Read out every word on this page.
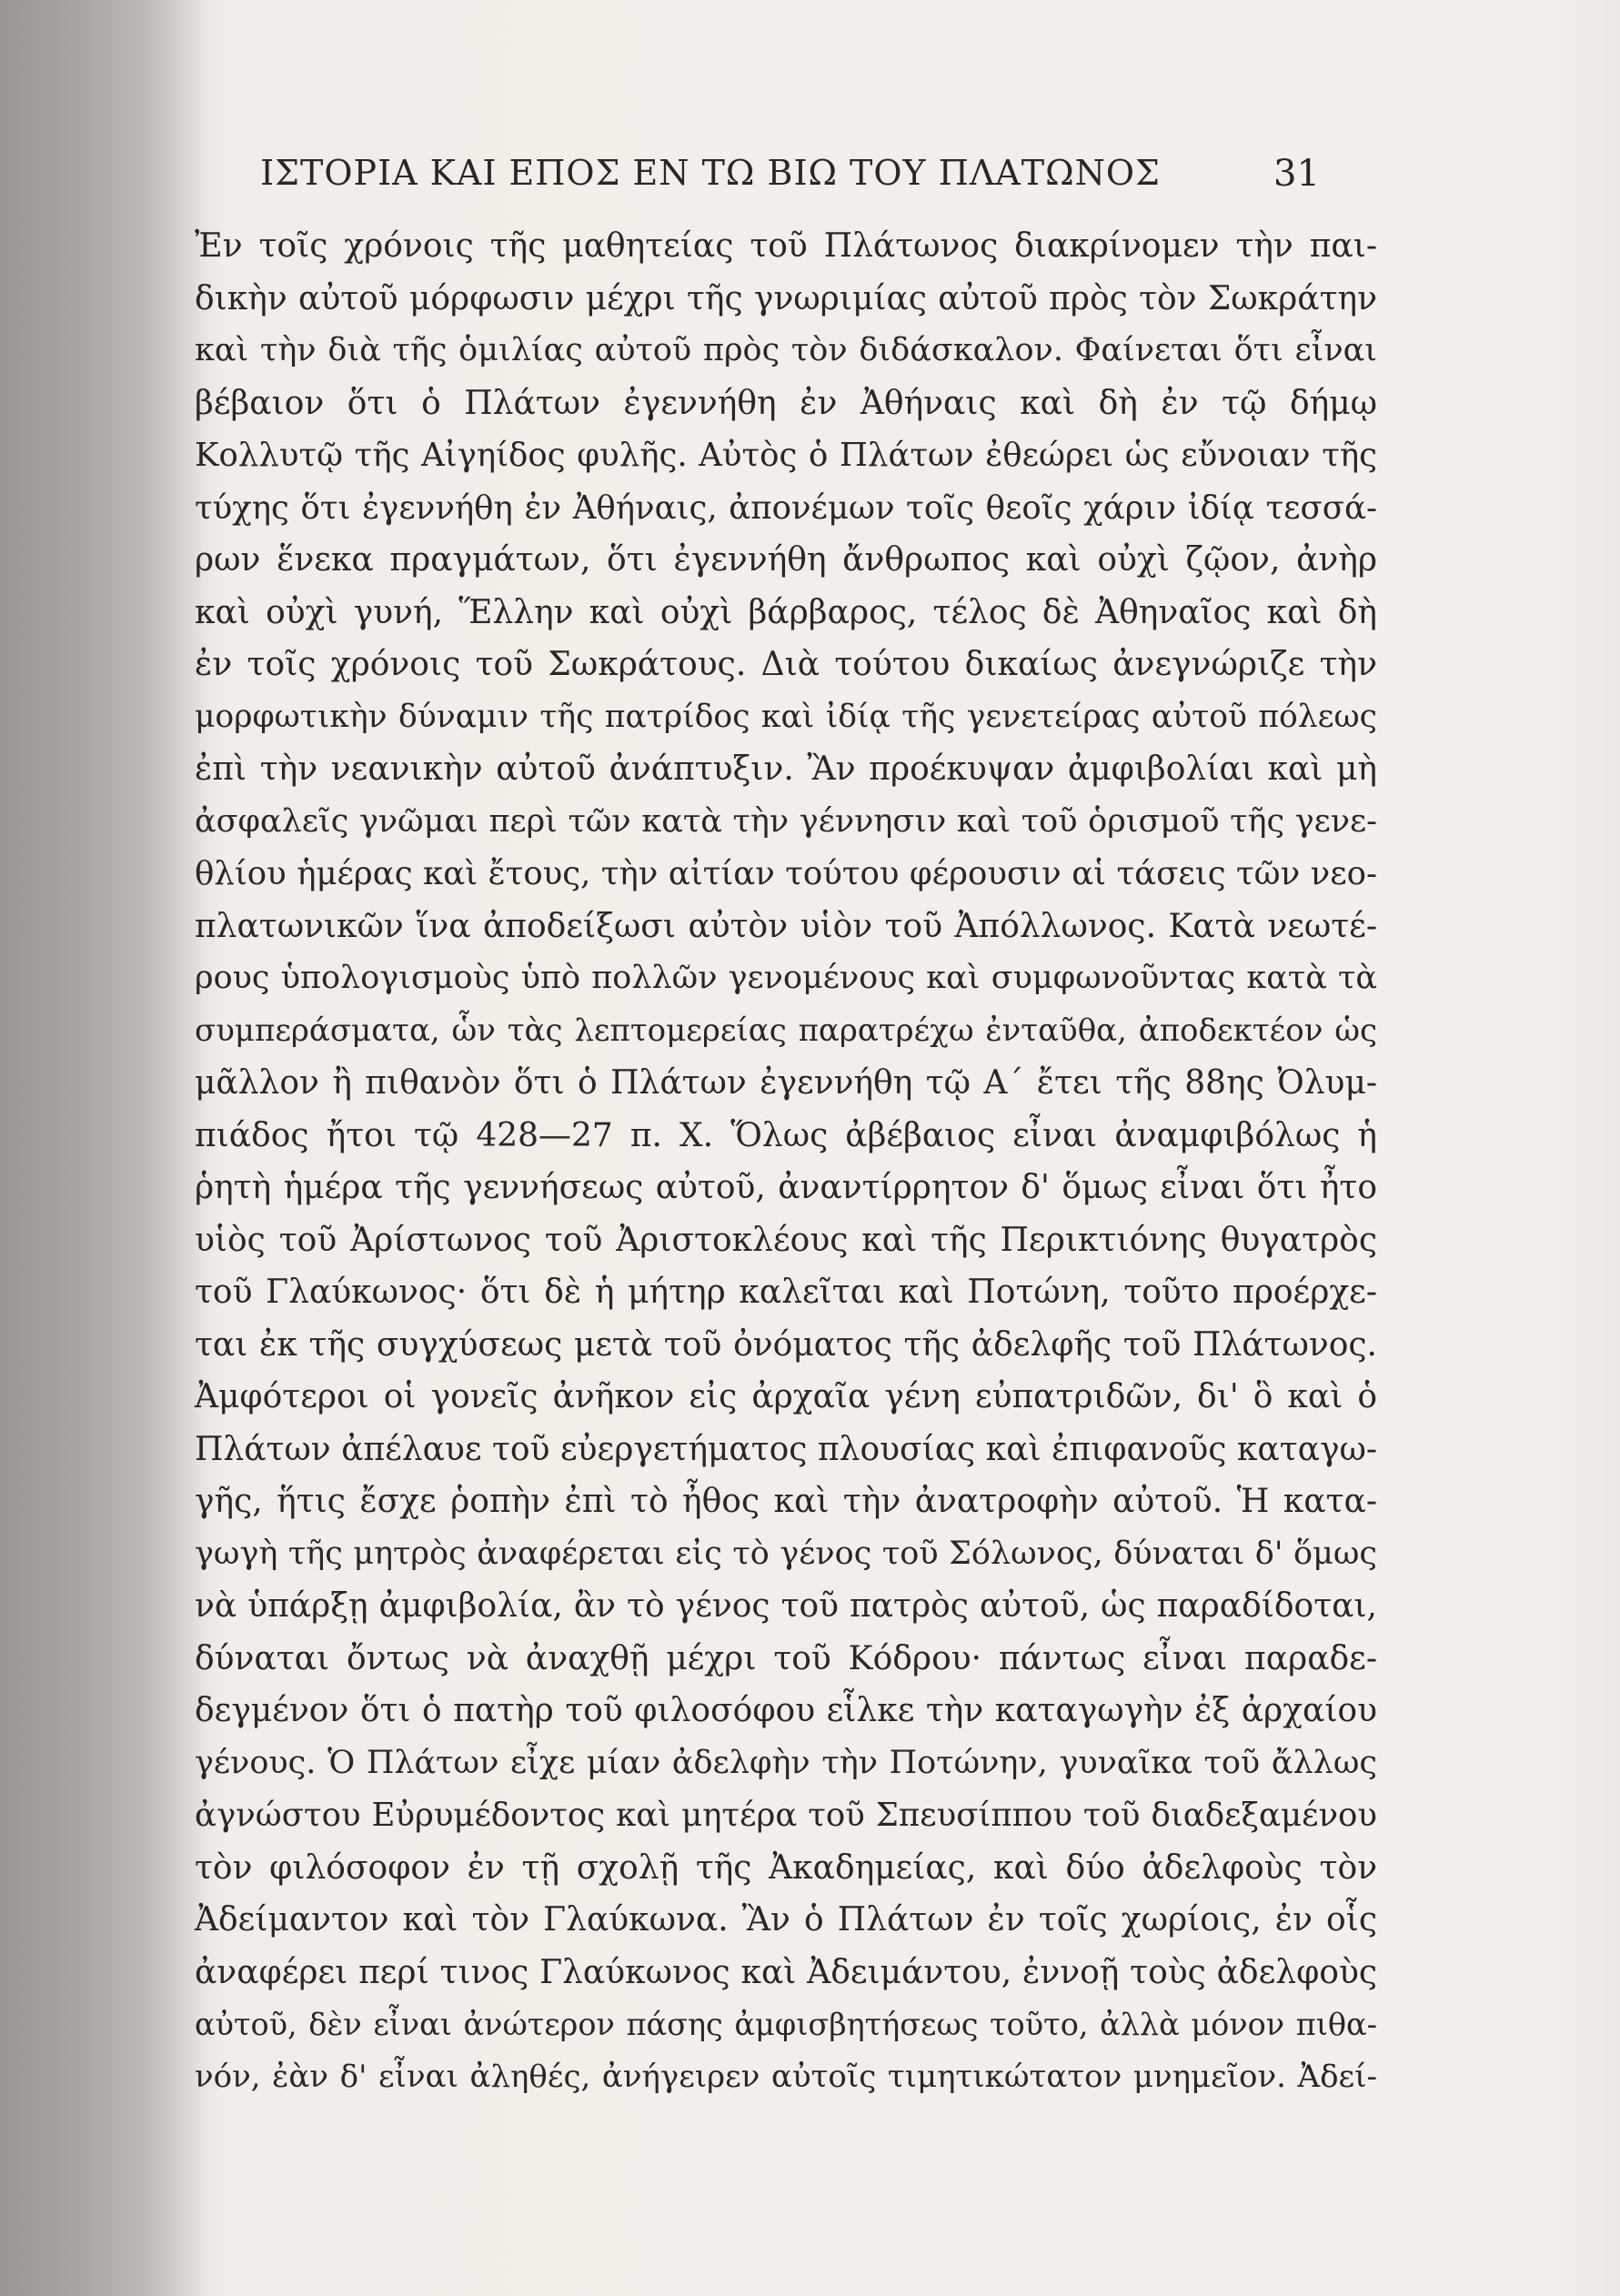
ΙΣΤΟΡΙΑ ΚΑΙ ΕΠΟΣ ΕΝ ΤΩ ΒΙΩ ΤΟΥ ΠΛΑΤΩΝΟΣ	31
Ἐν τοῖς χρόνοις τῆς μαθητείας τοῦ Πλάτωνος διακρίνομεν τὴν παι-
δικὴν αὐτοῦ μόρφωσιν μέχρι τῆς γνωριμίας αὐτοῦ πρὸς τὸν Σωκράτην
καὶ τὴν διὰ τῆς ὁμιλίας αὐτοῦ πρὸς τὸν διδάσκαλον. Φαίνεται ὅτι εἶναι
βέβαιον ὅτι ὁ Πλάτων ἐγεννήθη ἐν Ἀθήναις καὶ δὴ ἐν τῷ δήμῳ
Κολλυτῷ τῆς Αἰγηίδος φυλῆς. Αὐτὸς ὁ Πλάτων ἐθεώρει ὡς εὔνοιαν τῆς
τύχης ὅτι ἐγεννήθη ἐν Ἀθήναις, ἀπονέμων τοῖς θεοῖς χάριν ἰδίᾳ τεσσά-
ρων ἕνεκα πραγμάτων, ὅτι ἐγεννήθη ἄνθρωπος καὶ οὐχὶ ζῷον, ἀνὴρ
καὶ οὐχὶ γυνή, Ἕλλην καὶ οὐχὶ βάρβαρος, τέλος δὲ Ἀθηναῖος καὶ δὴ
ἐν τοῖς χρόνοις τοῦ Σωκράτους. Διὰ τούτου δικαίως ἀνεγνώριζε τὴν
μορφωτικὴν δύναμιν τῆς πατρίδος καὶ ἰδίᾳ τῆς γενετείρας αὐτοῦ πόλεως
ἐπὶ τὴν νεανικὴν αὐτοῦ ἀνάπτυξιν. Ἂν προέκυψαν ἀμφιβολίαι καὶ μὴ
ἀσφαλεῖς γνῶμαι περὶ τῶν κατὰ τὴν γέννησιν καὶ τοῦ ὁρισμοῦ τῆς γενε-
θλίου ἡμέρας καὶ ἔτους, τὴν αἰτίαν τούτου φέρουσιν αἱ τάσεις τῶν νεο-
πλατωνικῶν ἵνα ἀποδείξωσι αὐτὸν υἱὸν τοῦ Ἀπόλλωνος. Κατὰ νεωτέ-
ρους ὑπολογισμοὺς ὑπὸ πολλῶν γενομένους καὶ συμφωνοῦντας κατὰ τὰ
συμπεράσματα, ὧν τὰς λεπτομερείας παρατρέχω ἐνταῦθα, ἀποδεκτέον ὡς
μᾶλλον ἢ πιθανὸν ὅτι ὁ Πλάτων ἐγεννήθη τῷ Α΄ ἔτει τῆς 88ης Ὀλυμ-
πιάδος ἤτοι τῷ 428—27 π. Χ. Ὅλως ἀβέβαιος εἶναι ἀναμφιβόλως ἡ
ῥητὴ ἡμέρα τῆς γεννήσεως αὐτοῦ, ἀναντίρρητον δ' ὅμως εἶναι ὅτι ἦτο
υἱὸς τοῦ Ἀρίστωνος τοῦ Ἀριστοκλέους καὶ τῆς Περικτιόνης θυγατρὸς
τοῦ Γλαύκωνος· ὅτι δὲ ἡ μήτηρ καλεῖται καὶ Ποτώνη, τοῦτο προέρχε-
ται ἐκ τῆς συγχύσεως μετὰ τοῦ ὀνόματος τῆς ἀδελφῆς τοῦ Πλάτωνος.
Ἀμφότεροι οἱ γονεῖς ἀνῆκον εἰς ἀρχαῖα γένη εὐπατριδῶν, δι' ὃ καὶ ὁ
Πλάτων ἀπέλαυε τοῦ εὐεργετήματος πλουσίας καὶ ἐπιφανοῦς καταγω-
γῆς, ἥτις ἔσχε ῥοπὴν ἐπὶ τὸ ἦθος καὶ τὴν ἀνατροφὴν αὐτοῦ. Ἡ κατα-
γωγὴ τῆς μητρὸς ἀναφέρεται εἰς τὸ γένος τοῦ Σόλωνος, δύναται δ' ὅμως
νὰ ὑπάρξῃ ἀμφιβολία, ἂν τὸ γένος τοῦ πατρὸς αὐτοῦ, ὡς παραδίδοται,
δύναται ὄντως νὰ ἀναχθῇ μέχρι τοῦ Κόδρου· πάντως εἶναι παραδε-
δεγμένον ὅτι ὁ πατὴρ τοῦ φιλοσόφου εἷλκε τὴν καταγωγὴν ἐξ ἀρχαίου
γένους. Ὁ Πλάτων εἶχε μίαν ἀδελφὴν τὴν Ποτώνην, γυναῖκα τοῦ ἄλλως
ἀγνώστου Εὐρυμέδοντος καὶ μητέρα τοῦ Σπευσίππου τοῦ διαδεξαμένου
τὸν φιλόσοφον ἐν τῇ σχολῇ τῆς Ἀκαδημείας, καὶ δύο ἀδελφοὺς τὸν
Ἀδείμαντον καὶ τὸν Γλαύκωνα. Ἂν ὁ Πλάτων ἐν τοῖς χωρίοις, ἐν οἷς
ἀναφέρει περί τινος Γλαύκωνος καὶ Ἀδειμάντου, ἐννοῇ τοὺς ἀδελφοὺς
αὐτοῦ, δὲν εἶναι ἀνώτερον πάσης ἀμφισβητήσεως τοῦτο, ἀλλὰ μόνον πιθα-
νόν, ἐὰν δ' εἶναι ἀληθές, ἀνήγειρεν αὐτοῖς τιμητικώτατον μνημεῖον. Ἀδεί-
